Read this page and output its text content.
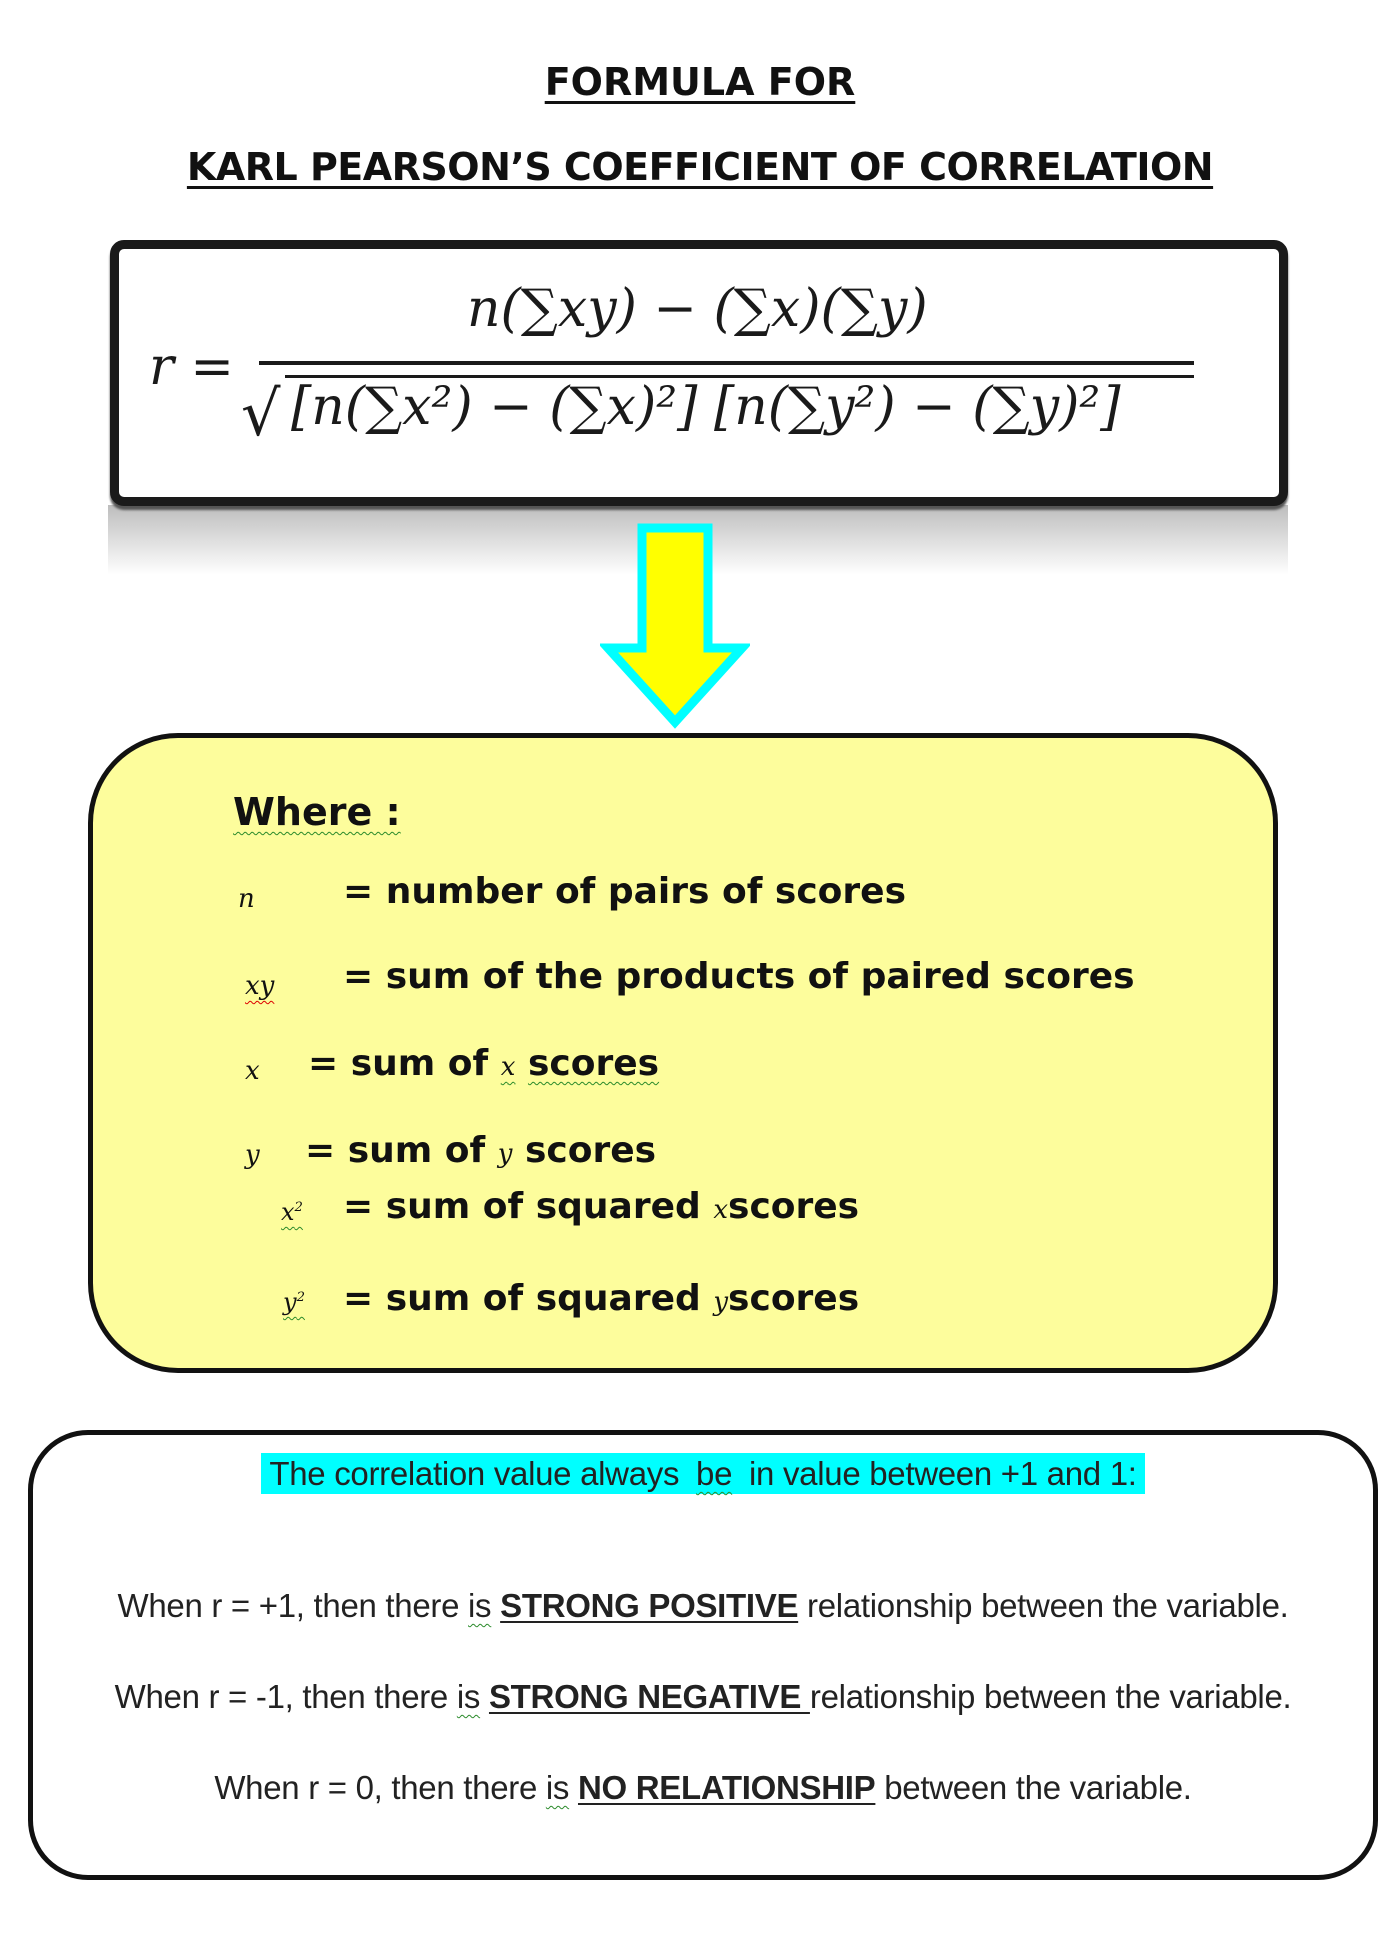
FORMULA FOR
KARL PEARSON’S COEFFICIENT OF CORRELATION
r =
n(∑xy) − (∑x)(∑y)
√ [n(∑x²) − (∑x)²] [n(∑y²) − (∑y)²]
Where :
n = number of pairs of scores
xy = sum of the products of paired scores
x = sum of x scores
y = sum of y scores
$x^2$ = sum of squared xscores
$y^2$ = sum of squared yscores
The correlation value always be in value between +1 and 1:
When r = +1, then there is STRONG POSITIVE relationship between the variable.
When r = -1, then there is STRONG NEGATIVE relationship between the variable.
When r = 0, then there is NO RELATIONSHIP between the variable.
